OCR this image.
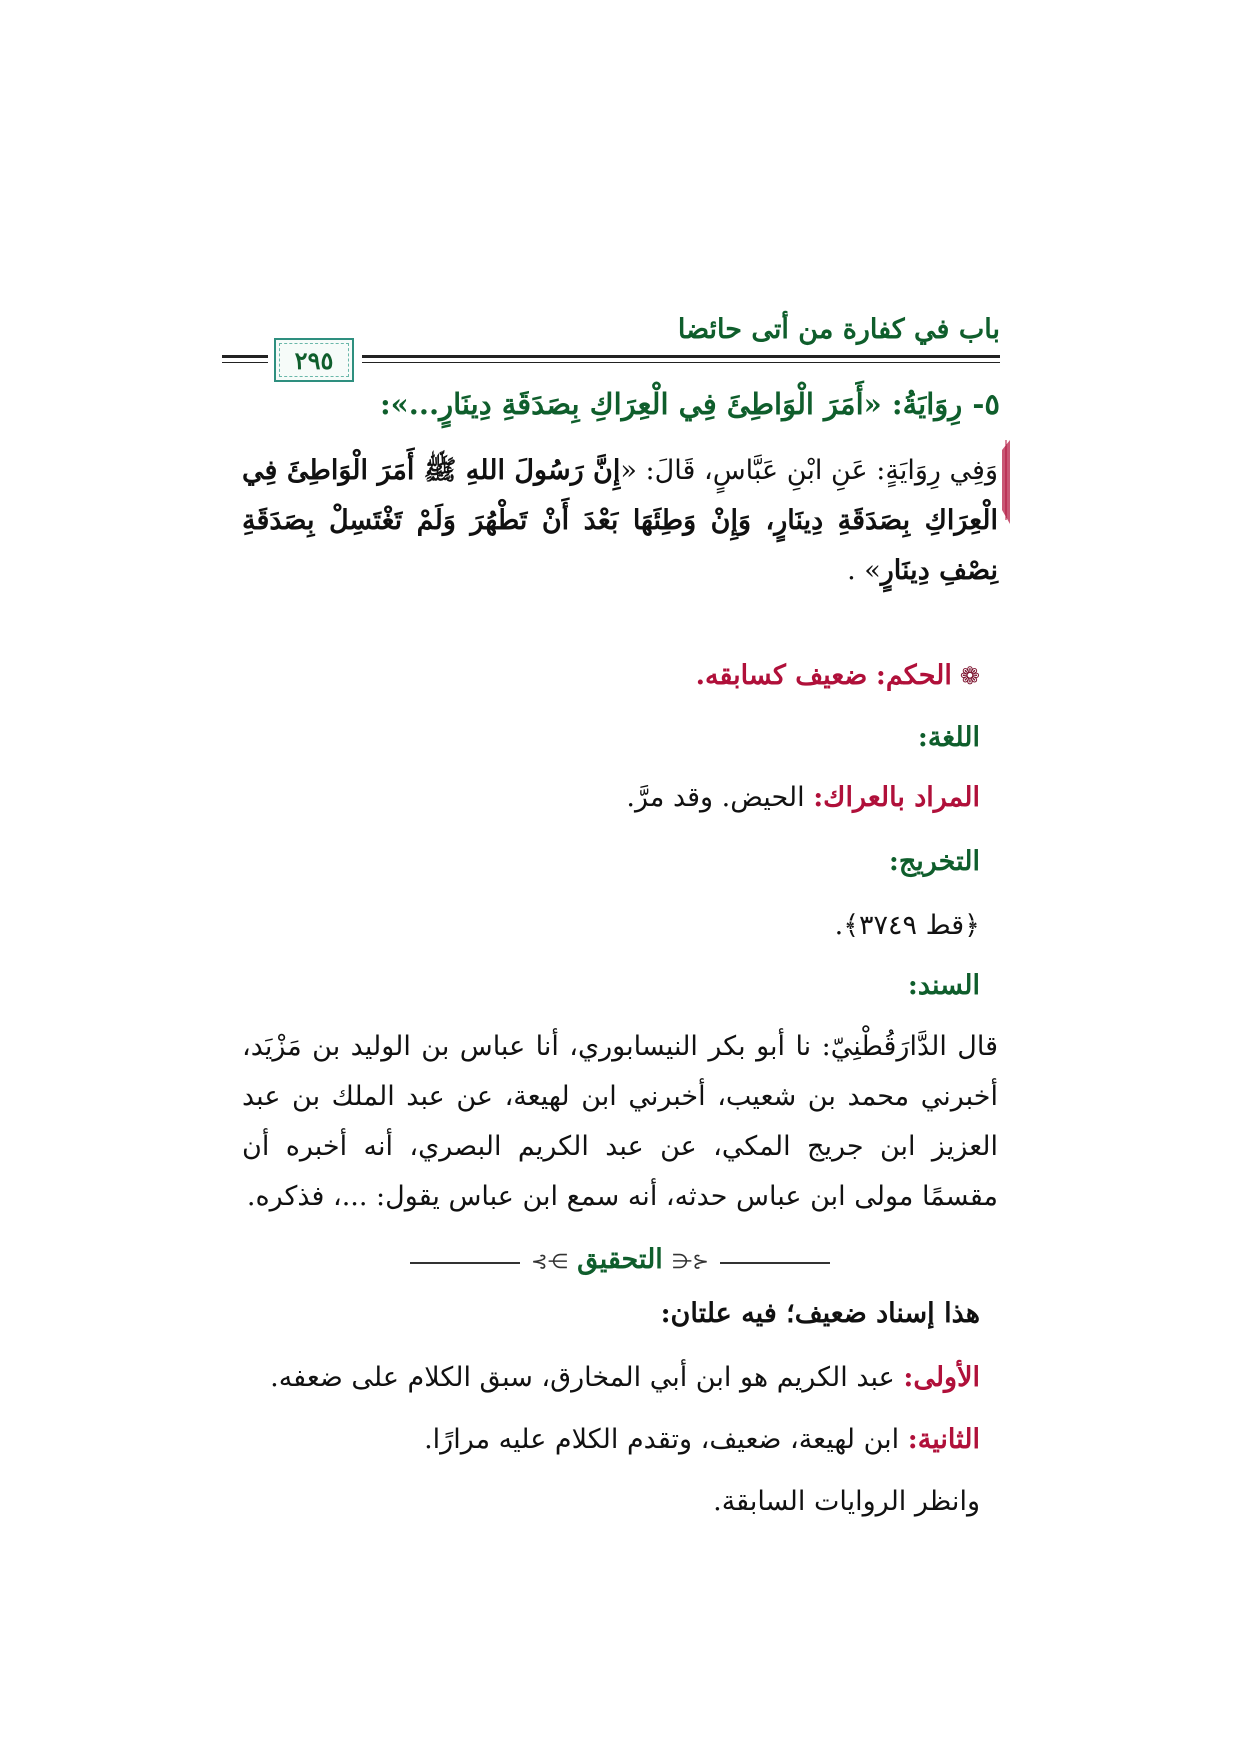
باب في كفارة من أتى حائضا
٢٩٥
٥- رِوَايَةُ: «أَمَرَ الْوَاطِئَ فِي الْعِرَاكِ بِصَدَقَةِ دِينَارٍ...»:
وَفِي رِوَايَةٍ: عَنِ ابْنِ عَبَّاسٍ، قَالَ: «إِنَّ رَسُولَ اللهِ ﷺ أَمَرَ الْوَاطِئَ فِي الْعِرَاكِ بِصَدَقَةِ دِينَارٍ، وَإِنْ وَطِئَهَا بَعْدَ أَنْ تَطْهُرَ وَلَمْ تَغْتَسِلْ بِصَدَقَةِ نِصْفِ دِينَارٍ» .
❁الحكم: ضعيف كسابقه.
اللغة:
المراد بالعراك: الحيض. وقد مرَّ.
التخريج:
﴿قط ٣٧٤٩﴾.
السند:
قال الدَّارَقُطْنِيّ: نا أبو بكر النيسابوري، أنا عباس بن الوليد بن مَزْيَد، أخبرني محمد بن شعيب، أخبرني ابن لهيعة، عن عبد الملك بن عبد العزيز ابن جريج المكي، عن عبد الكريم البصري، أنه أخبره أن مقسمًا مولى ابن عباس حدثه، أنه سمع ابن عباس يقول: ...، فذكره.
⊰⋲ التحقيق ⋺⊱
هذا إسناد ضعيف؛ فيه علتان:
الأولى: عبد الكريم هو ابن أبي المخارق، سبق الكلام على ضعفه.
الثانية: ابن لهيعة، ضعيف، وتقدم الكلام عليه مرارًا.
وانظر الروايات السابقة.
